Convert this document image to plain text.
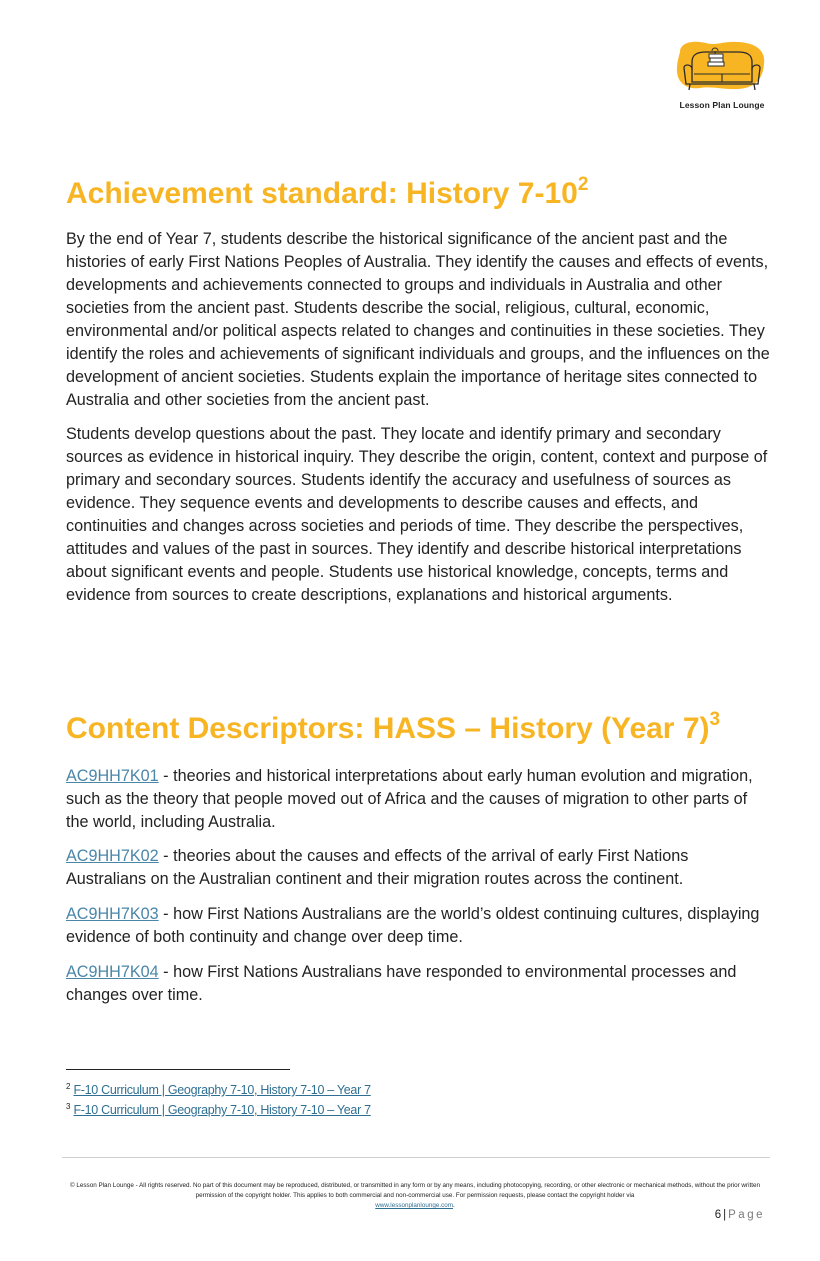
Lesson Plan Lounge
Achievement standard: History $7-10^2$

By the end of Year 7, students describe the historical significance of the ancient past and the histories of early First Nations Peoples of Australia. They identify the causes and effects of events, developments and achievements connected to groups and individuals in Australia and other societies from the ancient past. Students describe the social, religious, cultural, economic, environmental and/or political aspects related to changes and continuities in these societies. They identify the roles and achievements of significant individuals and groups, and the influences on the development of ancient societies. Students explain the importance of heritage sites connected to Australia and other societies from the ancient past.

Students develop questions about the past. They locate and identify primary and secondary sources as evidence in historical inquiry. They describe the origin, content, context and purpose of primary and secondary sources. Students identify the accuracy and usefulness of sources as evidence. They sequence events and developments to describe causes and effects, and continuities and changes across societies and periods of time. They describe the perspectives, attitudes and values of the past in sources. They identify and describe historical interpretations about significant events and people. Students use historical knowledge, concepts, terms and evidence from sources to create descriptions, explanations and historical arguments.

Content Descriptors: HASS – History (Year 7)$^3$

AC9HH7K01 - theories and historical interpretations about early human evolution and migration, such as the theory that people moved out of Africa and the causes of migration to other parts of the world, including Australia.

AC9HH7K02 - theories about the causes and effects of the arrival of early First Nations Australians on the Australian continent and their migration routes across the continent.

AC9HH7K03 - how First Nations Australians are the world’s oldest continuing cultures, displaying evidence of both continuity and change over deep time.

AC9HH7K04 - how First Nations Australians have responded to environmental processes and changes over time.

$^2$ F-10 Curriculum | Geography 7-10, History 7-10 – Year 7
$^3$ F-10 Curriculum | Geography 7-10, History 7-10 – Year 7
© Lesson Plan Lounge - All rights reserved. No part of this document may be reproduced, distributed, or transmitted in any form or by any means, including photocopying, recording, or other electronic or mechanical methods, without the prior written permission of the copyright holder. This applies to both commercial and non-commercial use. For permission requests, please contact the copyright holder via
www.lessonplanlounge.com.
6 | Page
